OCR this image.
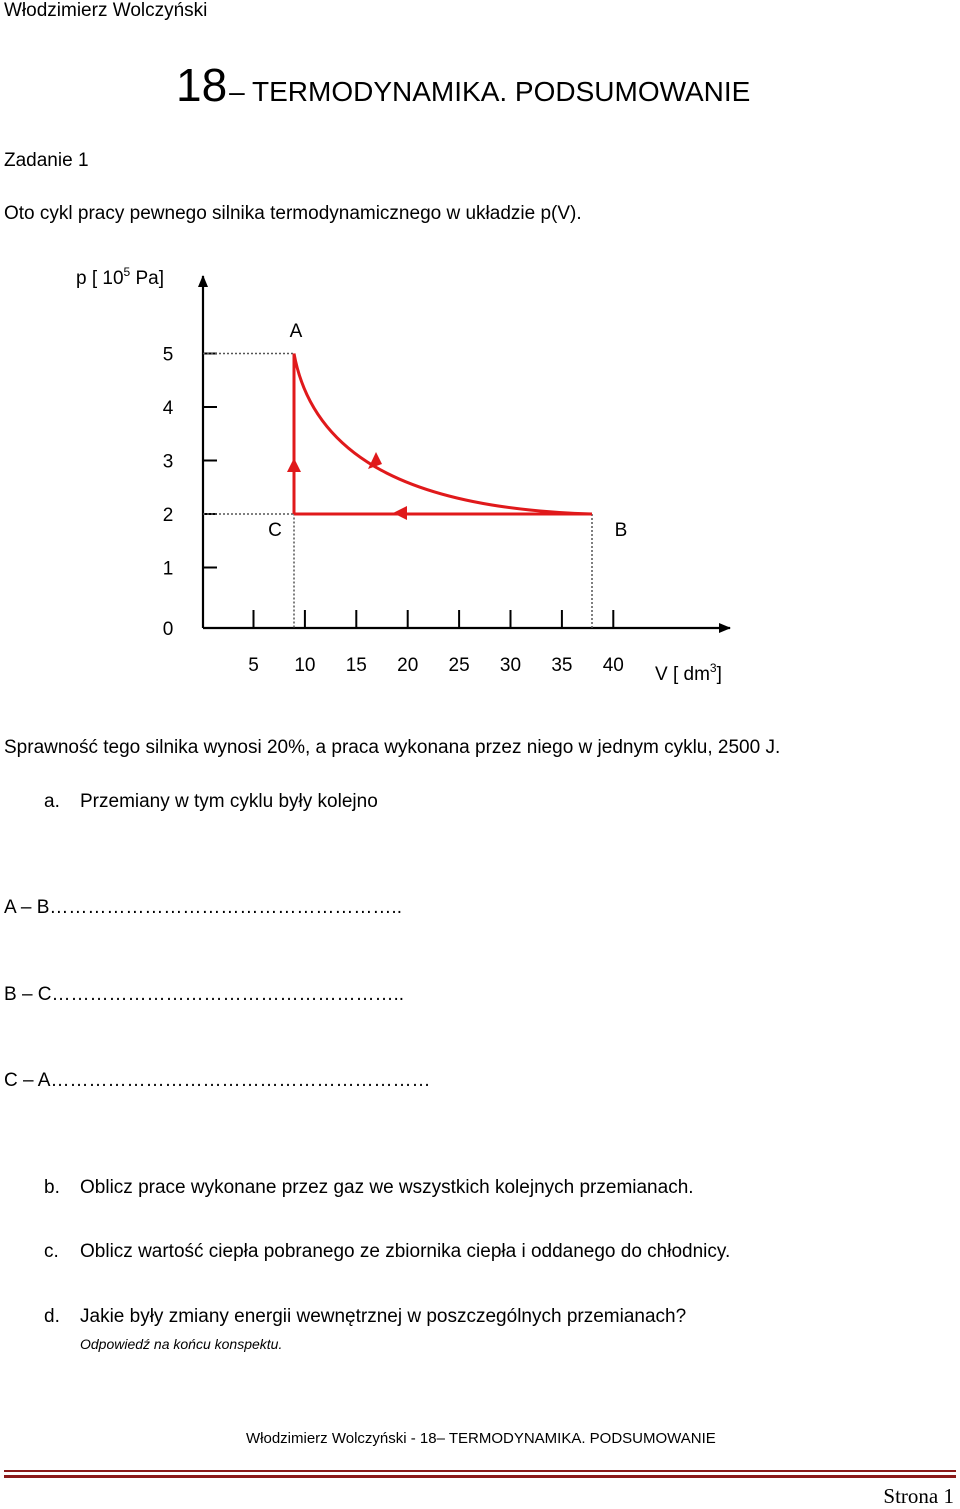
Włodzimierz Wolczyński
18– TERMODYNAMIKA. PODSUMOWANIE
Zadanie 1
Oto cykl pracy pewnego silnika termodynamicznego w układzie p(V).
p [ $10^5$ Pa]
V [ $dm^3$]
0
1
2
3
4
5
5 10 15 20 25 30 35 40
A
C	B
Sprawność tego silnika wynosi 20%, a praca wykonana przez niego w jednym cyklu, 2500 J.
a. Przemiany w tym cyklu były kolejno
A – B………………………………………………..
B – C………………………………………………..
C – A……………………………………………………
b. Oblicz prace wykonane przez gaz we wszystkich kolejnych przemianach.
c. Oblicz wartość ciepła pobranego ze zbiornika ciepła i oddanego do chłodnicy.
d. Jakie były zmiany energii wewnętrznej w poszczególnych przemianach?
Odpowiedź na końcu konspektu.
Włodzimierz Wolczyński - 18– TERMODYNAMIKA. PODSUMOWANIE
Strona 1
